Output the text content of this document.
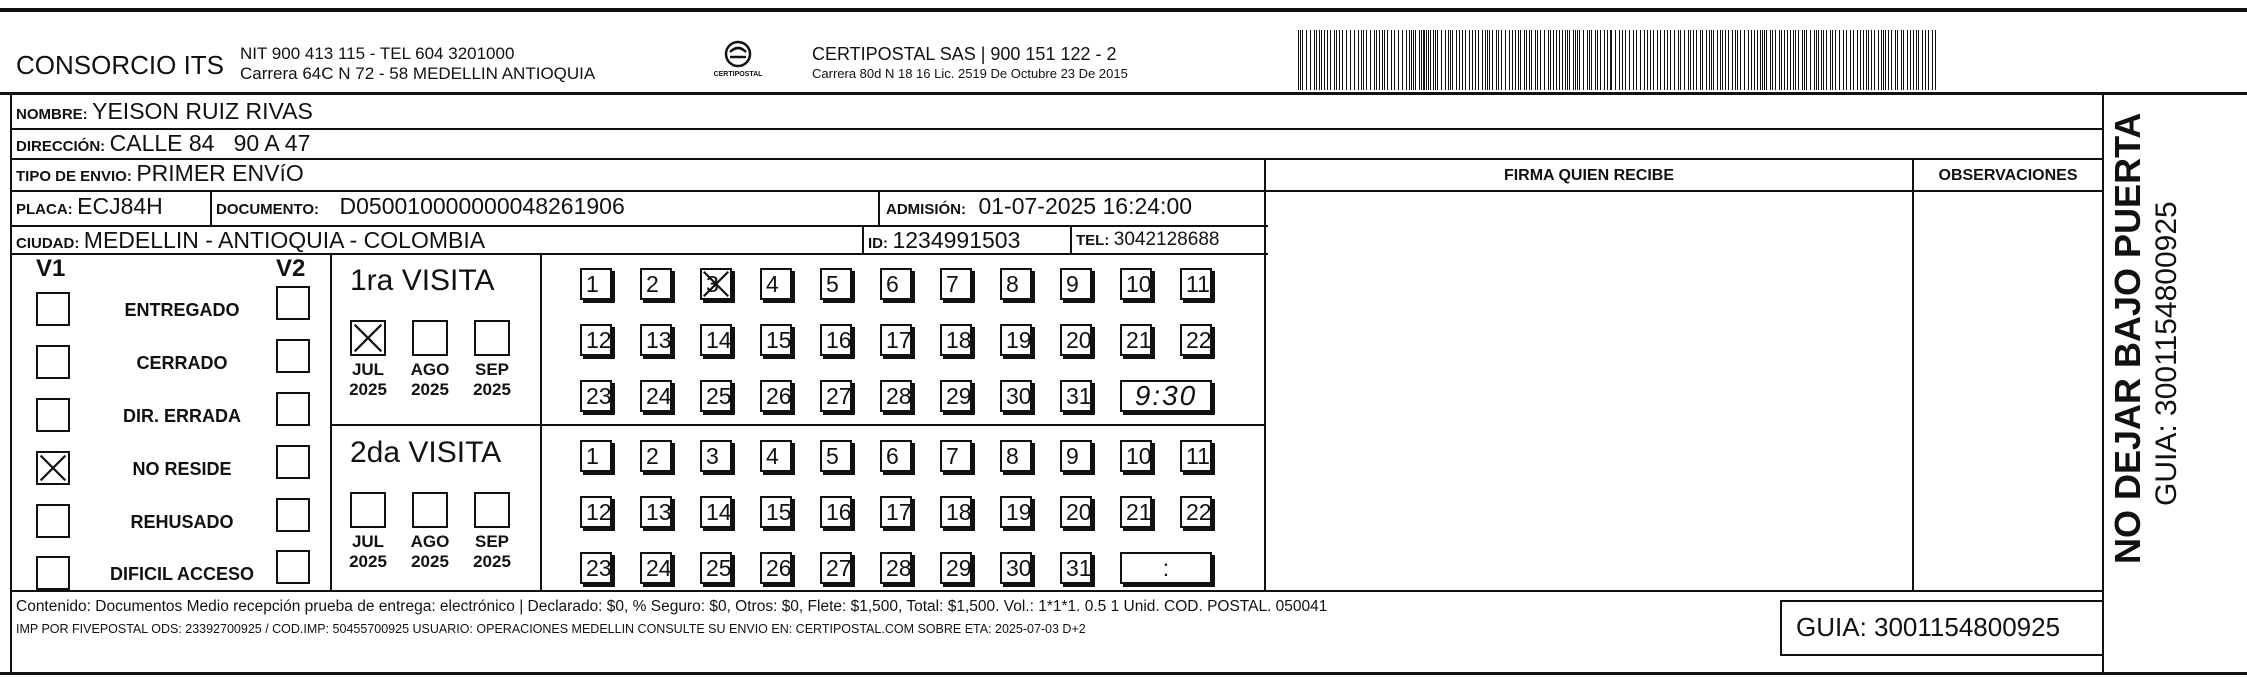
CONSORCIO ITS NIT 900 413 115 - TEL 604 3201000
Carrera 64C N 72 - 58 MEDELLIN ANTIOQUIA	CERTIPOSTAL
CERTIPOSTAL SAS | 900 151 122 - 2
Carrera 80d N 18 16 Lic. 2519 De Octubre 23 De 2015
NOMBRE: YEISON RUIZ RIVAS
DIRECCIÓN: CALLE 84   90 A 47
TIPO DE ENVIO: PRIMER ENVíO
PLACA: ECJ84H	DOCUMENTO: D050010000000048261906	ADMISIÓN: 01-07-2025 16:24:00
CIUDAD: MEDELLIN - ANTIOQUIA - COLOMBIA	ID: 1234991503	TEL: 3042128688
FIRMA QUIEN RECIBE	OBSERVACIONES
V1	V2
ENTREGADO
CERRADO
DIR. ERRADA
NO RESIDE
REHUSADO
DIFICIL ACCESO
1ra VISITA
JUL
2025
AGO
2025
SEP
2025
1	2	3	4	5	6	7	8	9	10 11
12 13 14 15 16 17 18 19 20 21 22
23 24 25 26 27 28 29 30 31	9:30
2da VISITA
JUL
2025
AGO
2025
SEP
2025
1	2	3	4	5	6	7	8	9	10 11
12 13 14 15 16 17 18 19 20 21 22
23 24 25 26 27 28 29 30 31	:
Contenido: Documentos Medio recepción prueba de entrega: electrónico | Declarado: $0, % Seguro: $0, Otros: $0, Flete: $1,500, Total: $1,500. Vol.: 1*1*1. 0.5 1 Unid. COD. POSTAL. 050041
IMP POR FIVEPOSTAL ODS: 23392700925 / COD.IMP: 50455700925 USUARIO: OPERACIONES MEDELLIN CONSULTE SU ENVIO EN: CERTIPOSTAL.COM SOBRE ETA: 2025-07-03 D+2	GUIA: 3001154800925
NO DEJAR BAJO PUERTA GUIA: 3001154800925
